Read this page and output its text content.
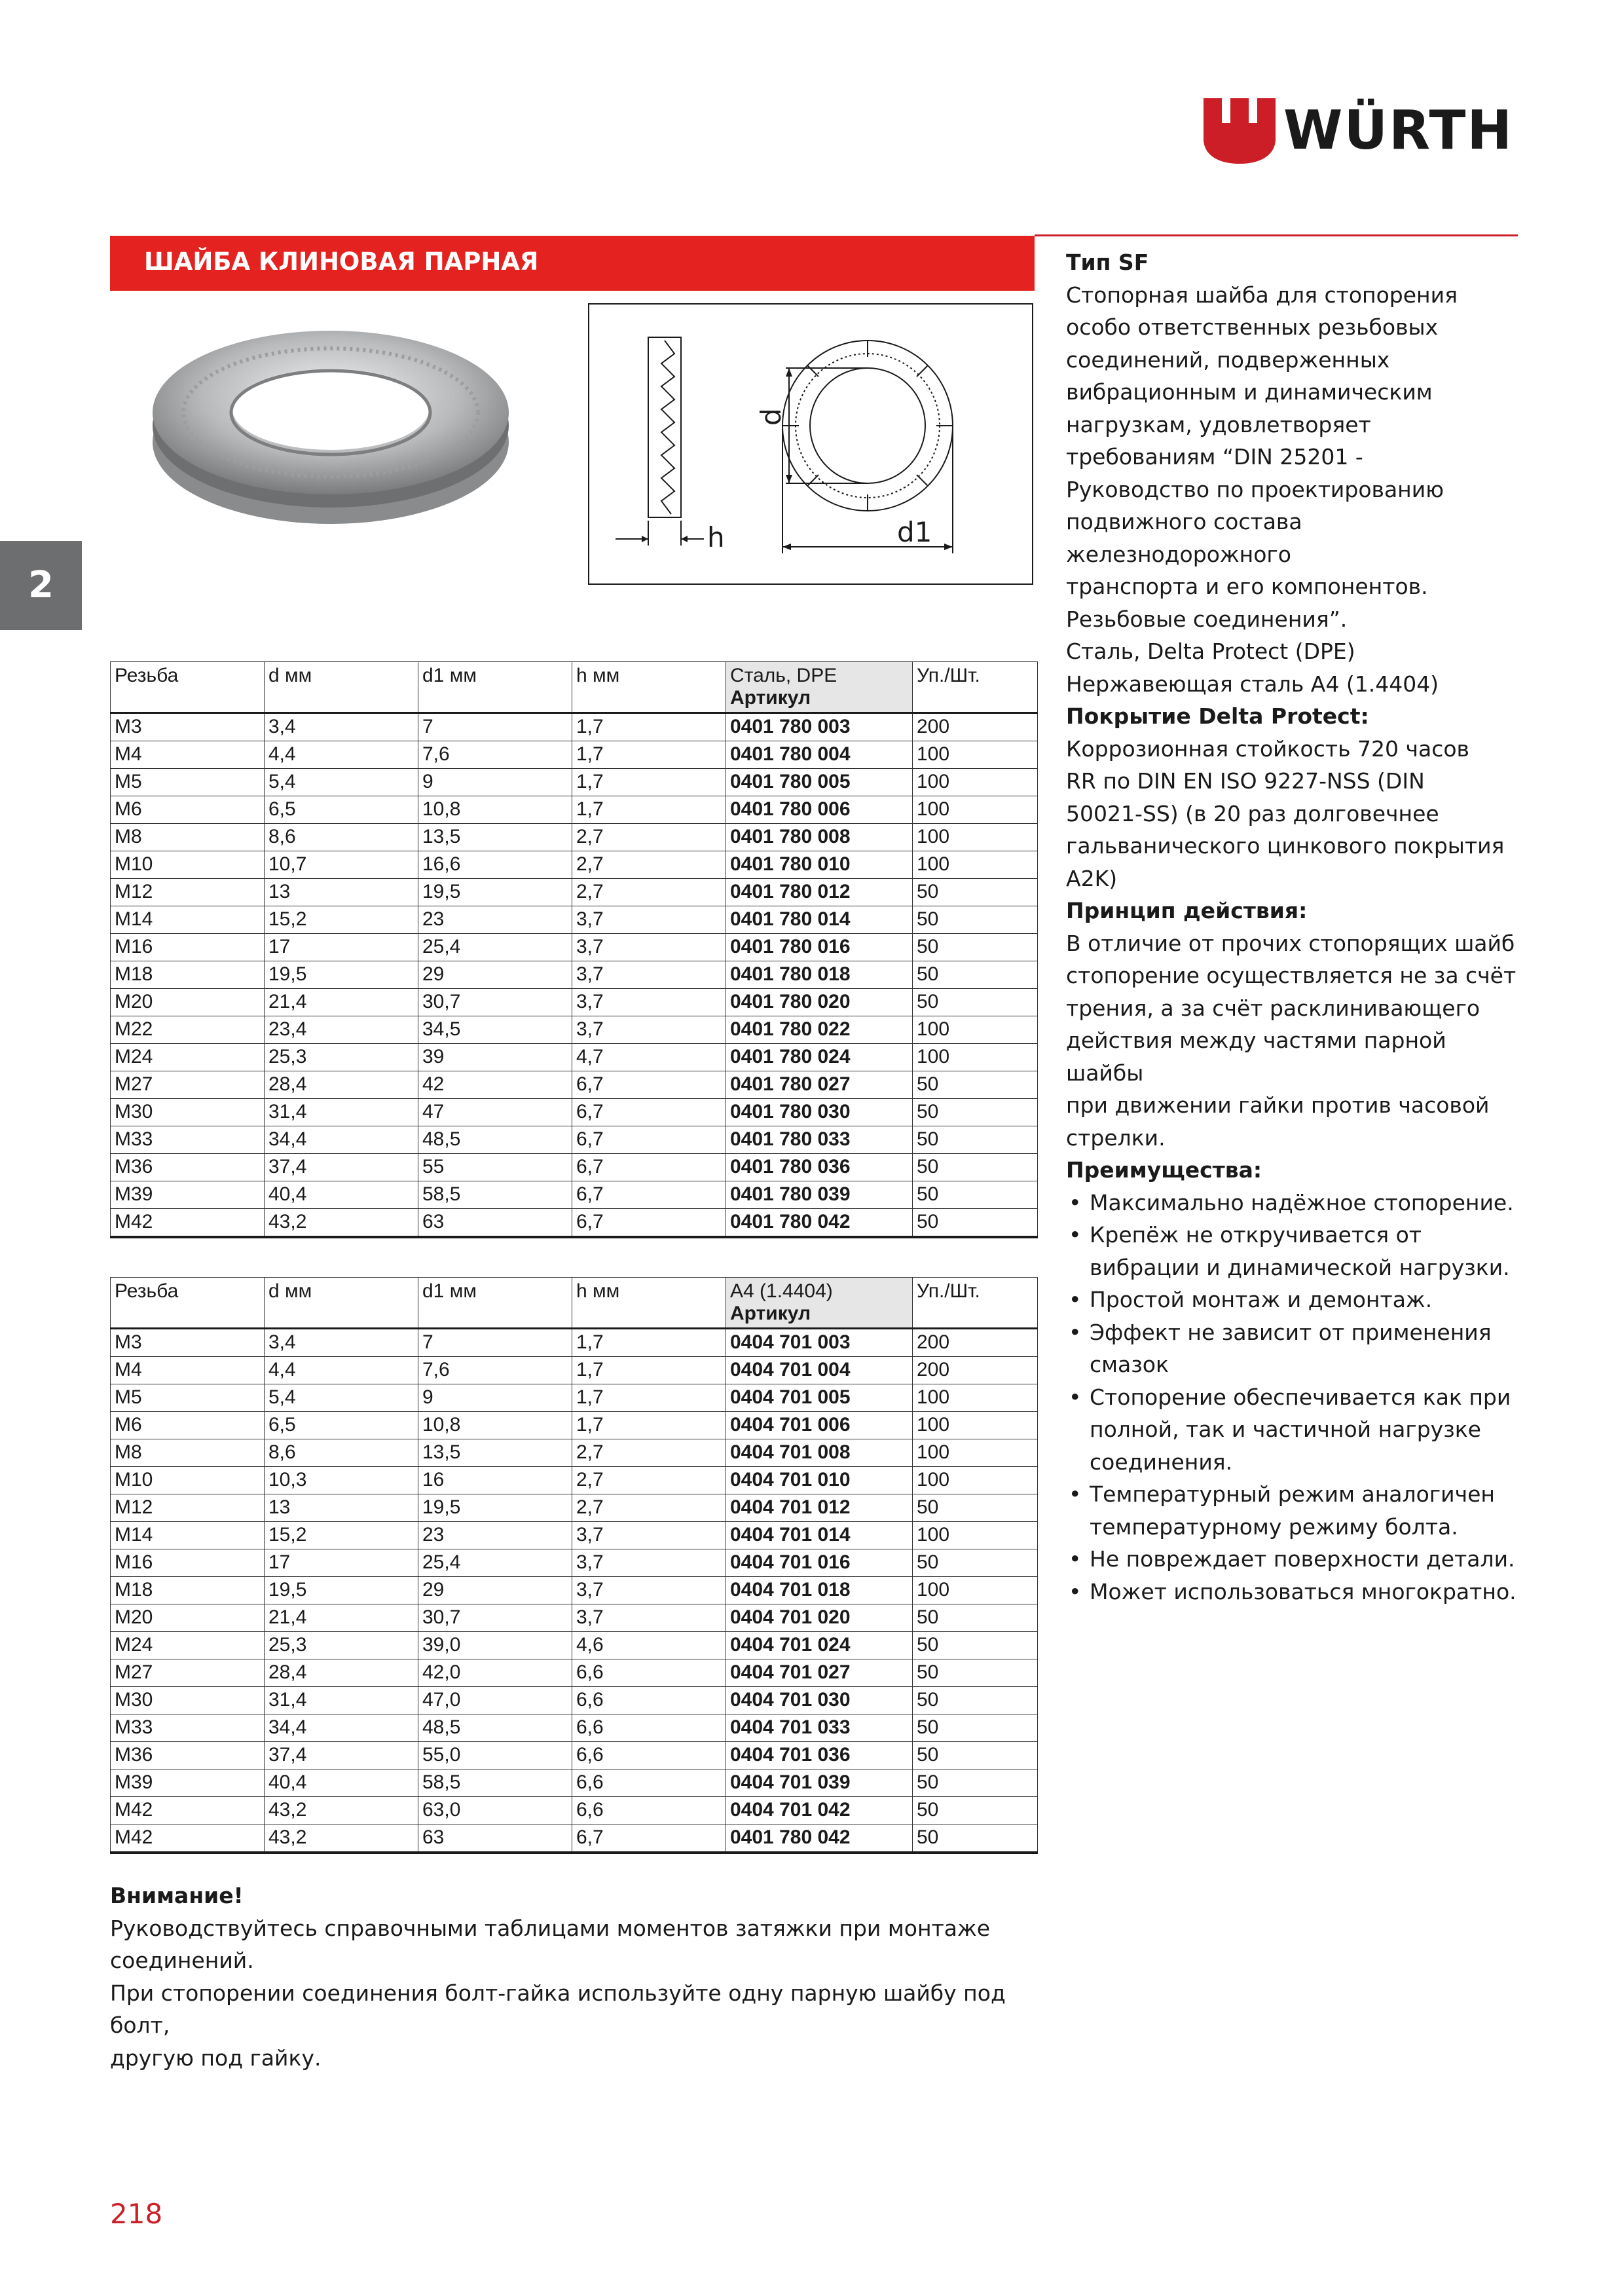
WÜRTH
ШАЙБА КЛИНОВАЯ ПАРНАЯ
2
h
d
d1
Резьба	d мм	d1 мм	h мм	Сталь, DPE
Артикул	Уп./Шт.
M3	3,4	7	1,7	0401 780 003	200
M4	4,4	7,6	1,7	0401 780 004	100
M5	5,4	9	1,7	0401 780 005	100
M6	6,5	10,8	1,7	0401 780 006	100
M8	8,6	13,5	2,7	0401 780 008	100
M10	10,7	16,6	2,7	0401 780 010	100
M12	13	19,5	2,7	0401 780 012	50
M14	15,2	23	3,7	0401 780 014	50
M16	17	25,4	3,7	0401 780 016	50
M18	19,5	29	3,7	0401 780 018	50
M20	21,4	30,7	3,7	0401 780 020	50
M22	23,4	34,5	3,7	0401 780 022	100
M24	25,3	39	4,7	0401 780 024	100
M27	28,4	42	6,7	0401 780 027	50
M30	31,4	47	6,7	0401 780 030	50
M33	34,4	48,5	6,7	0401 780 033	50
M36	37,4	55	6,7	0401 780 036	50
M39	40,4	58,5	6,7	0401 780 039	50
M42	43,2	63	6,7	0401 780 042	50
Резьба	d мм	d1 мм	h мм	A4 (1.4404)
Артикул	Уп./Шт.
M3	3,4	7	1,7	0404 701 003	200
M4	4,4	7,6	1,7	0404 701 004	200
M5	5,4	9	1,7	0404 701 005	100
M6	6,5	10,8	1,7	0404 701 006	100
M8	8,6	13,5	2,7	0404 701 008	100
M10	10,3	16	2,7	0404 701 010	100
M12	13	19,5	2,7	0404 701 012	50
M14	15,2	23	3,7	0404 701 014	100
M16	17	25,4	3,7	0404 701 016	50
M18	19,5	29	3,7	0404 701 018	100
M20	21,4	30,7	3,7	0404 701 020	50
M24	25,3	39,0	4,6	0404 701 024	50
M27	28,4	42,0	6,6	0404 701 027	50
M30	31,4	47,0	6,6	0404 701 030	50
M33	34,4	48,5	6,6	0404 701 033	50
M36	37,4	55,0	6,6	0404 701 036	50
M39	40,4	58,5	6,6	0404 701 039	50
M42	43,2	63,0	6,6	0404 701 042	50
M42	43,2	63	6,7	0401 780 042	50

Тип SF

Стопорная шайба для стопорения

особо ответственных резьбовых

соединений, подверженных

вибрационным и динамическим

нагрузкам, удовлетворяет

требованиям “DIN 25201 -

Руководство по проектированию

подвижного состава железнодорожного

транспорта и его компонентов.

Резьбовые соединения”.

Сталь, Delta Protect (DPE)

Нержавеющая сталь A4 (1.4404)

Покрытие Delta Protect:

Коррозионная стойкость 720 часов

RR по DIN EN ISO 9227-NSS (DIN

50021-SS) (в 20 раз долговечнее

гальванического цинкового покрытия

A2K)

Принцип действия:

В отличие от прочих стопорящих шайб

стопорение осуществляется не за счёт

трения, а за счёт расклинивающего

действия между частями парной шайбы

при движении гайки против часовой

стрелки.

Преимущества:

• Максимально надёжное стопорение.
• Крепёж не откручивается от
вибрации и динамической нагрузки.
• Простой монтаж и демонтаж.
• Эффект не зависит от применения
смазок
• Стопорение обеспечивается как при
полной, так и частичной нагрузке
соединения.
• Температурный режим аналогичен
температурному режиму болта.
• Не повреждает поверхности детали.
• Может использоваться многократно.

Внимание!

Руководствуйтесь справочными таблицами моментов затяжки при монтаже

соединений.

При стопорении соединения болт-гайка используйте одну парную шайбу под болт,

другую под гайку.

218
